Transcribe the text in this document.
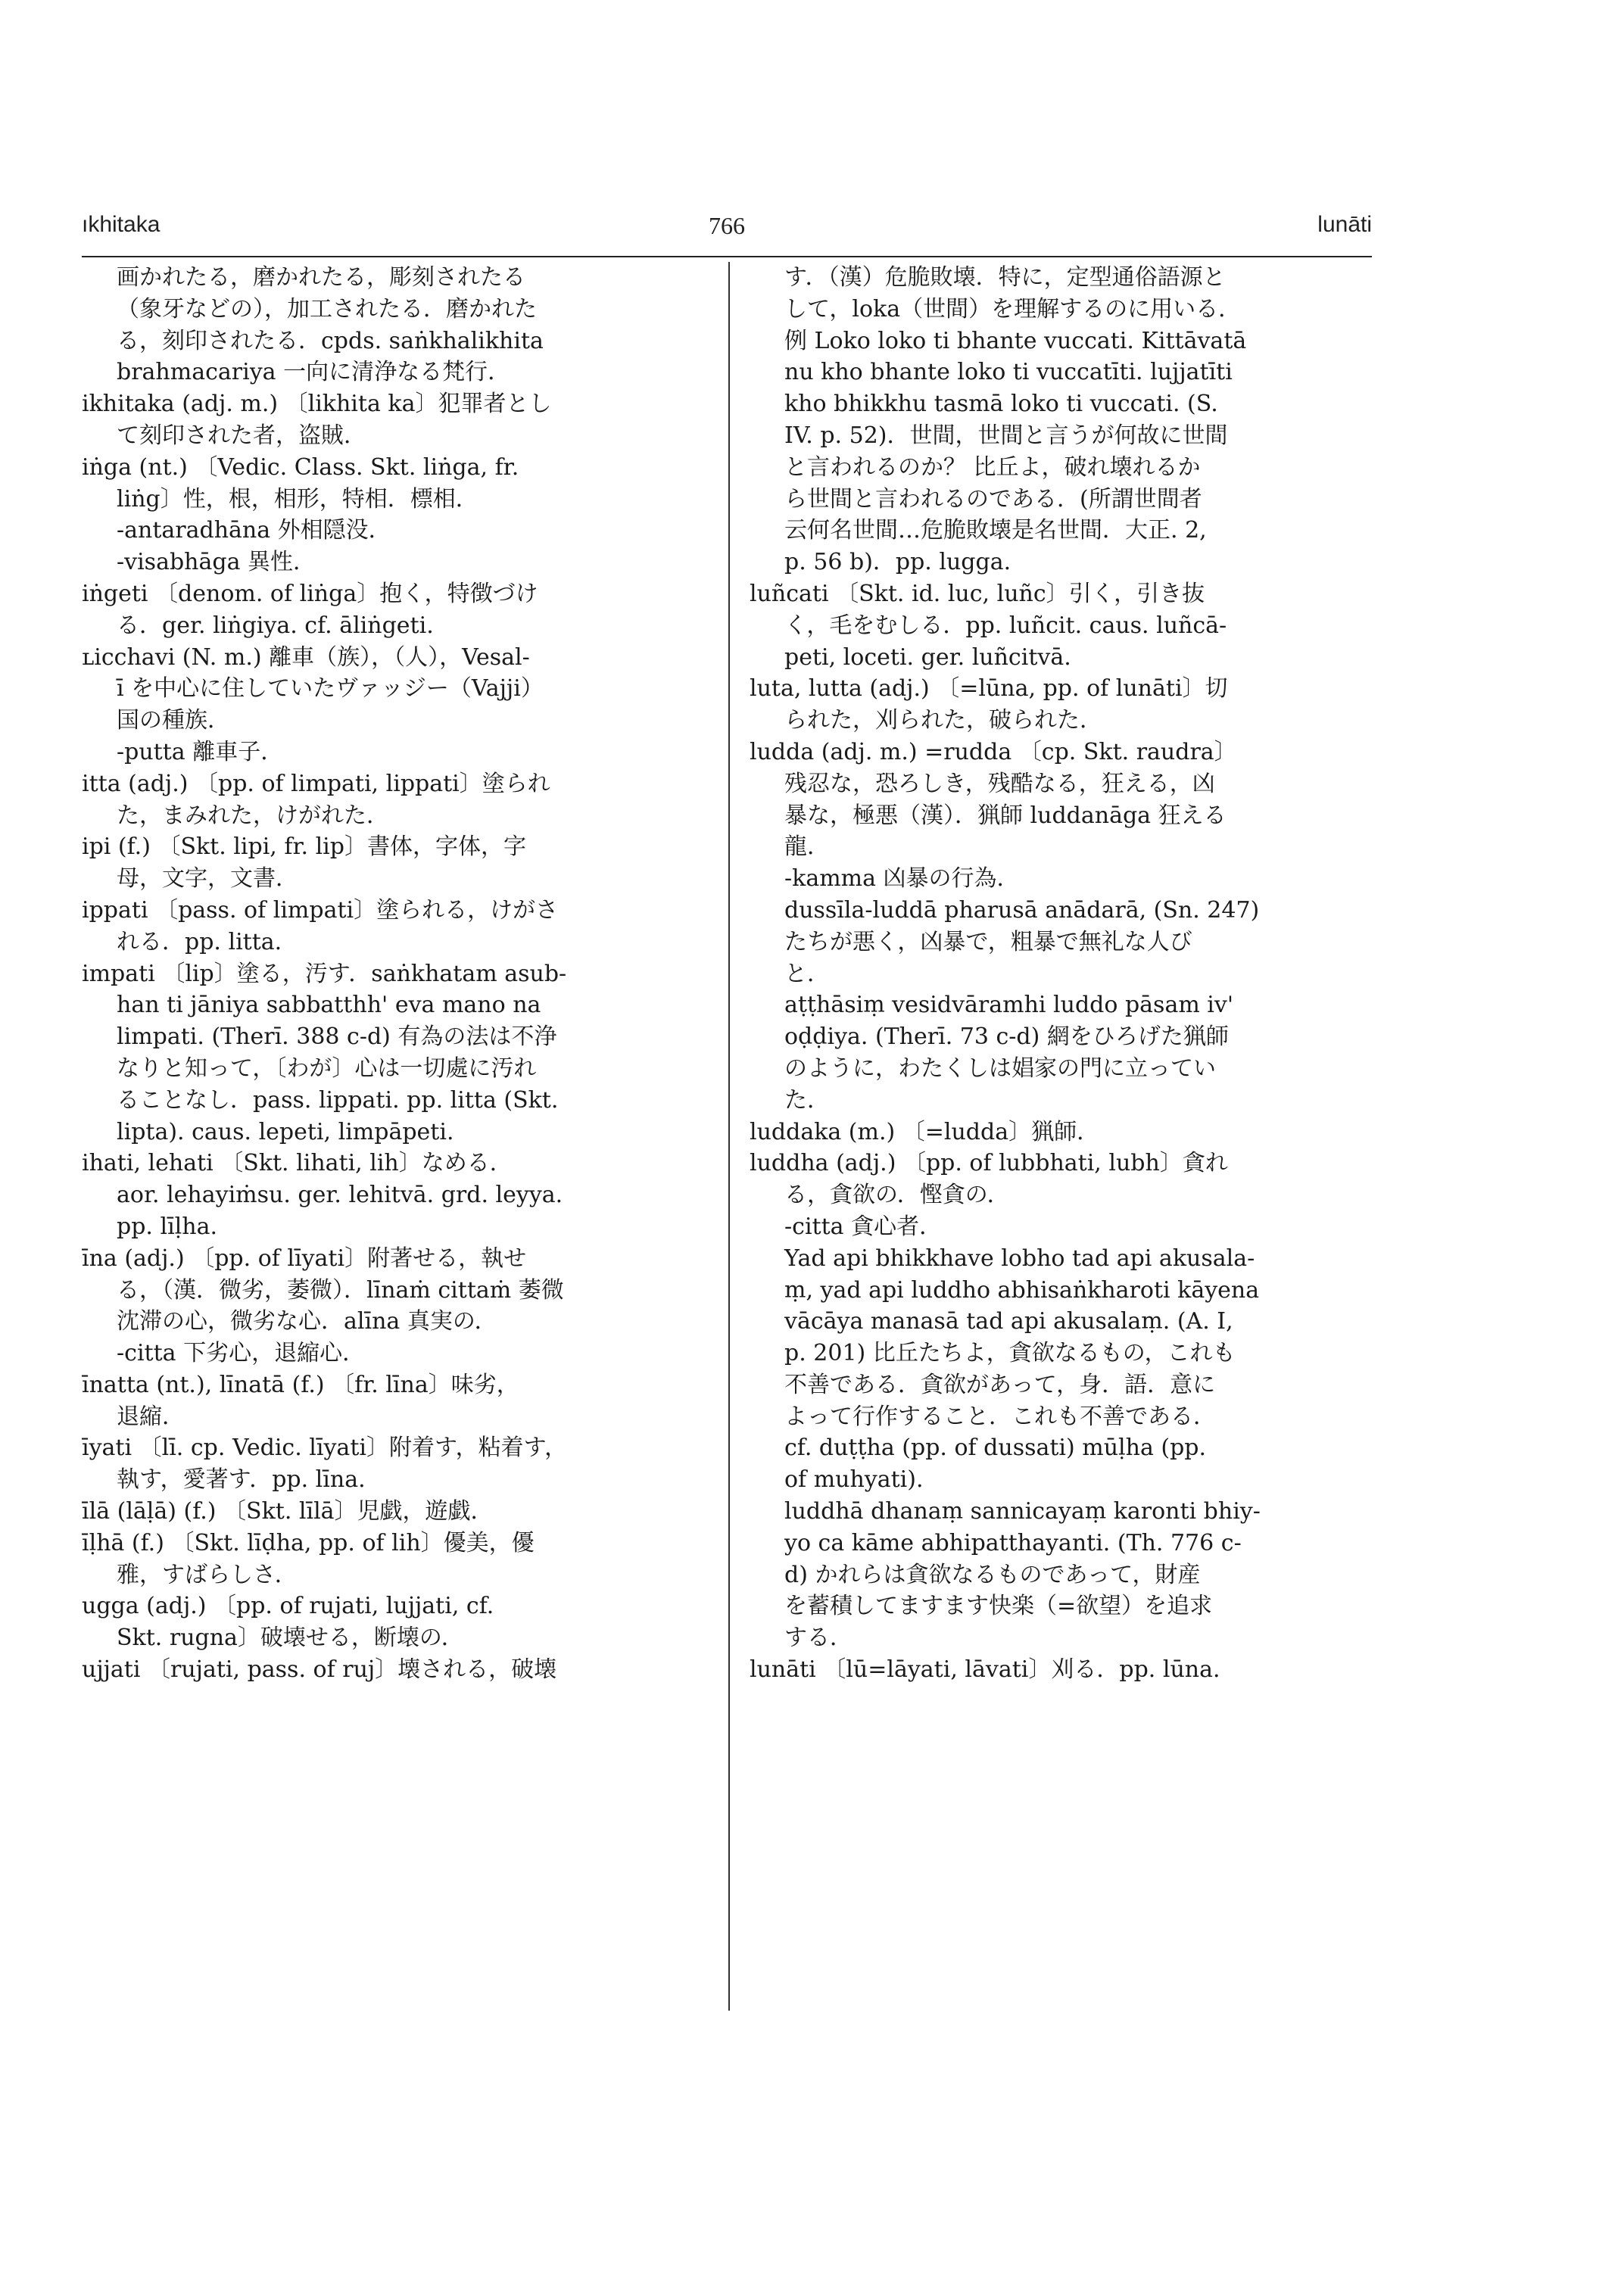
ıkhitaka	766	lunāti
画かれたる，磨かれたる，彫刻されたる
（象牙などの），加工されたる．磨かれた
る，刻印されたる．cpds. saṅkhalikhita
brahmacariya 一向に清浄なる梵行．
ikhitaka (adj. m.) 〔likhita ka〕犯罪者とし
て刻印された者，盗賊．
iṅga (nt.) 〔Vedic. Class. Skt. liṅga, fr.
liṅg〕性，根，相形，特相．標相．
-antaradhāna 外相隠没．
-visabhāga 異性．
iṅgeti 〔denom. of liṅga〕抱く，特徴づけ
る．ger. liṅgiya. cf. āliṅgeti.
ʟicchavi (N. m.) 離車（族），（人），Vesal-
ī を中心に住していたヴァッジー（Vajji）
国の種族．
-putta 離車子．
itta (adj.) 〔pp. of limpati, lippati〕塗られ
た，まみれた，けがれた．
ipi (f.) 〔Skt. lipi, fr. lip〕書体，字体，字
母，文字，文書．
ippati 〔pass. of limpati〕塗られる，けがさ
れる．pp. litta.
impati 〔lip〕塗る，汚す．saṅkhatam asub-
han ti jāniya sabbatthh' eva mano na
limpati. (Therī. 388 c-d) 有為の法は不浄
なりと知って，〔わが〕心は一切處に汚れ
ることなし．pass. lippati. pp. litta (Skt.
lipta). caus. lepeti, limpāpeti.
ihati, lehati 〔Skt. lihati, lih〕なめる．
aor. lehayiṁsu. ger. lehitvā. grd. leyya.
pp. līḷha.
īna (adj.) 〔pp. of līyati〕附著せる，執せ
る，（漢．微劣，萎微）．līnaṁ cittaṁ 萎微
沈滞の心，微劣な心．alīna 真実の．
-citta 下劣心，退縮心．
īnatta (nt.), līnatā (f.) 〔fr. līna〕味劣，
退縮．
īyati 〔lī. cp. Vedic. līyati〕附着す，粘着す，
執す，愛著す．pp. līna.
īlā (lāḷā) (f.) 〔Skt. līlā〕児戯，遊戯．
īḷhā (f.) 〔Skt. līḍha, pp. of lih〕優美，優
雅，すばらしさ．
ugga (adj.) 〔pp. of rujati, lujjati, cf.
Skt. rugna〕破壊せる，断壊の．
ujjati 〔rujati, pass. of ruj〕壊される，破壊
す．（漢）危脆敗壊．特に，定型通俗語源と
して，loka（世間）を理解するのに用いる．
例 Loko loko ti bhante vuccati. Kittāvatā
nu kho bhante loko ti vuccatīti. lujjatīti
kho bhikkhu tasmā loko ti vuccati. (S.
IV. p. 52)．世間，世間と言うが何故に世間
と言われるのか？ 比丘よ，破れ壊れるか
ら世間と言われるのである．(所謂世間者
云何名世間…危脆敗壊是名世間．大正. 2,
p. 56 b)．pp. lugga.
luñcati 〔Skt. id. luc, luñc〕引く，引き抜
く，毛をむしる．pp. luñcit. caus. luñcā-
peti, loceti. ger. luñcitvā.
luta, lutta (adj.) 〔=lūna, pp. of lunāti〕切
られた，刈られた，破られた．
ludda (adj. m.) =rudda 〔cp. Skt. raudra〕
残忍な，恐ろしき，残酷なる，狂える，凶
暴な，極悪（漢）．猟師 luddanāga 狂える
龍．
-kamma 凶暴の行為．
dussīla-luddā pharusā anādarā, (Sn. 247)
たちが悪く，凶暴で，粗暴で無礼な人び
と．
aṭṭhāsiṃ vesidvāramhi luddo pāsam iv'
oḍḍiya. (Therī. 73 c-d) 網をひろげた猟師
のように，わたくしは娼家の門に立ってい
た．
luddaka (m.) 〔=ludda〕猟師．
luddha (adj.) 〔pp. of lubbhati, lubh〕貪れ
る，貪欲の．慳貪の．
-citta 貪心者．
Yad api bhikkhave lobho tad api akusala-
ṃ, yad api luddho abhisaṅkharoti kāyena
vācāya manasā tad api akusalaṃ. (A. I,
p. 201) 比丘たちよ，貪欲なるもの，これも
不善である．貪欲があって，身．語．意に
よって行作すること．これも不善である．
cf. duṭṭha (pp. of dussati) mūḷha (pp.
of muhyati).
luddhā dhanaṃ sannicayaṃ karonti bhiy-
yo ca kāme abhipatthayanti. (Th. 776 c-
d) かれらは貪欲なるものであって，財産
を蓄積してますます快楽（=欲望）を追求
する．
lunāti 〔lū=lāyati, lāvati〕刈る．pp. lūna.
